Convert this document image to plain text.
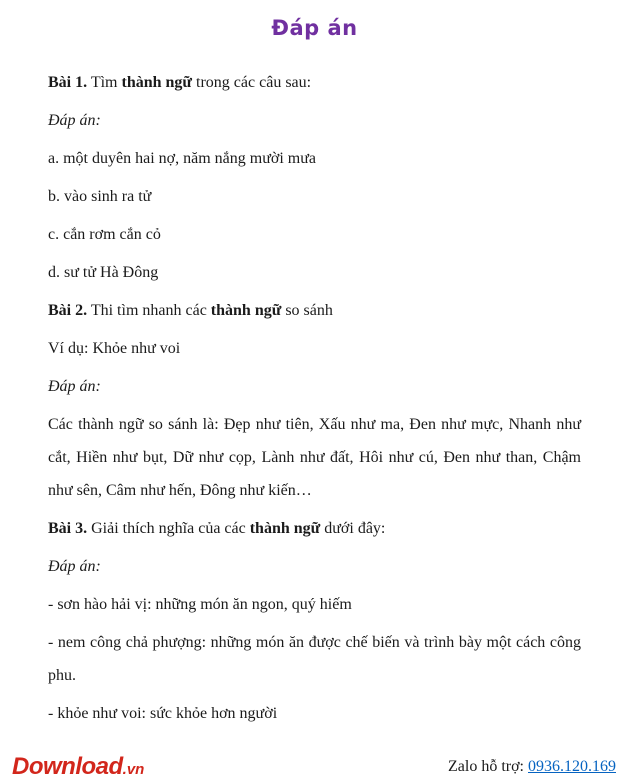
Đáp án

Bài 1. Tìm thành ngữ trong các câu sau:

Đáp án:

a. một duyên hai nợ, năm nắng mười mưa

b. vào sinh ra tử

c. cắn rơm cắn cỏ

d. sư tử Hà Đông

Bài 2. Thi tìm nhanh các thành ngữ so sánh

Ví dụ: Khỏe như voi

Đáp án:

Các thành ngữ so sánh là: Đẹp như tiên, Xấu như ma, Đen như mực, Nhanh như cắt, Hiền như bụt, Dữ như cọp, Lành như đất, Hôi như cú, Đen như than, Chậm như sên, Câm như hến, Đông như kiến…

Bài 3. Giải thích nghĩa của các thành ngữ dưới đây:

Đáp án:

- sơn hào hải vị: những món ăn ngon, quý hiếm

- nem công chả phượng: những món ăn được chế biến và trình bày một cách công phu.

- khỏe như voi: sức khỏe hơn người

Download.vn	Zalo hỗ trợ: 0936.120.169
